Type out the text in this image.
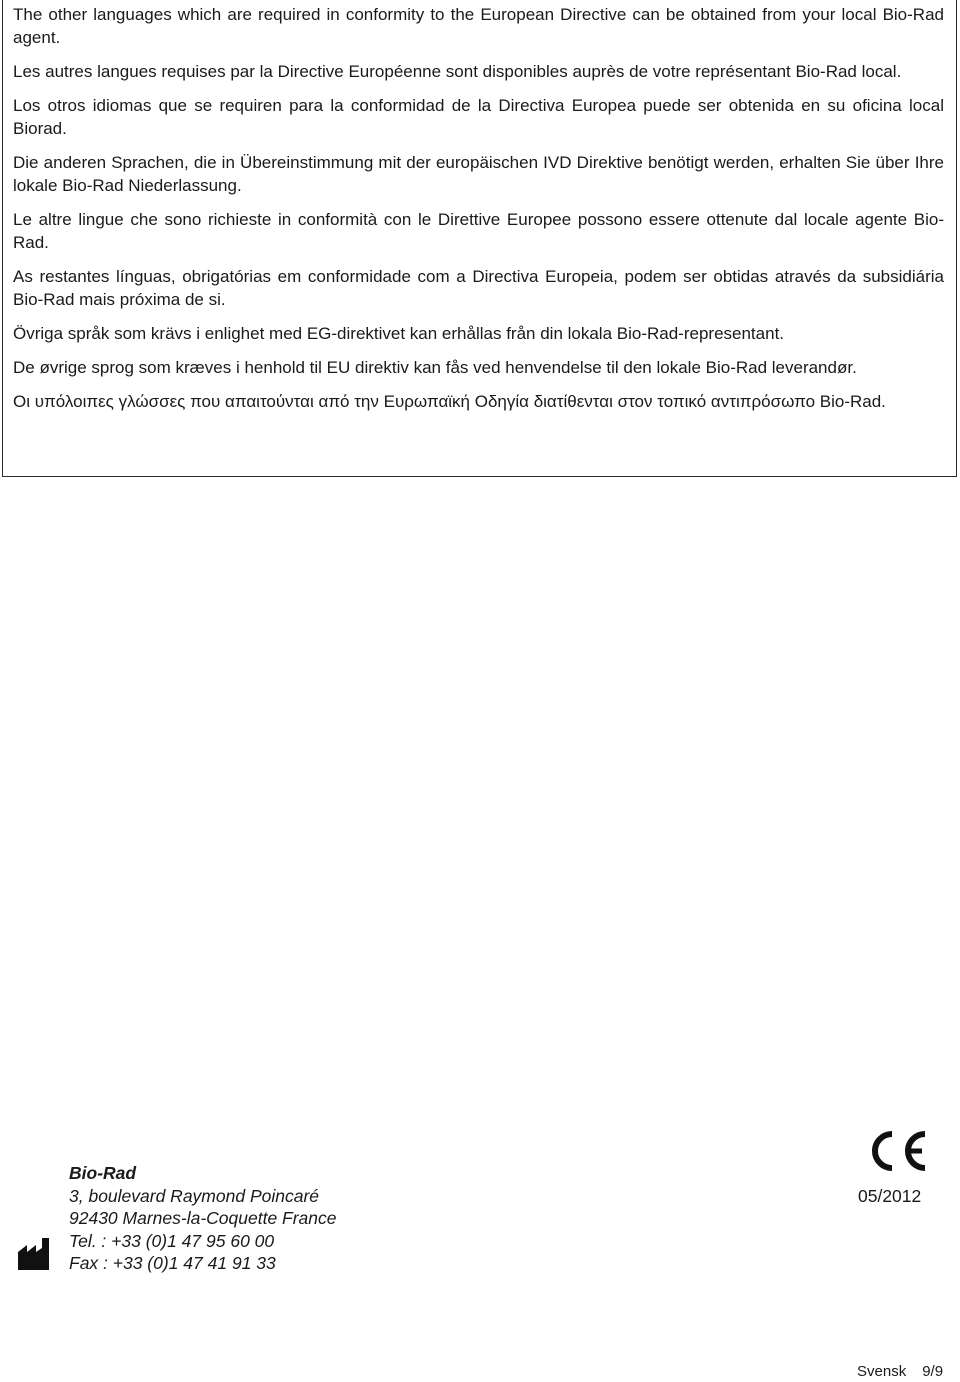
The other languages which are required in conformity to the European Directive can be obtained from your local Bio-Rad agent.

Les autres langues requises par la Directive Européenne sont disponibles auprès de votre représentant Bio-Rad local.

Los otros idiomas que se requiren para la conformidad de la Directiva Europea puede ser obtenida en su oficina local Biorad.

Die anderen Sprachen, die in Übereinstimmung mit der europäischen IVD Direktive benötigt werden, erhalten Sie über Ihre lokale Bio-Rad Niederlassung.

Le altre lingue che sono richieste in conformità con le Direttive Europee possono essere ottenute dal locale agente Bio-Rad.

As restantes línguas, obrigatórias em conformidade com a Directiva Europeia, podem ser obtidas através da subsidiária Bio-Rad mais próxima de si.

Övriga språk som krävs i enlighet med EG-direktivet kan erhållas från din lokala Bio-Rad-representant.

De øvrige sprog som kræves i henhold til EU direktiv kan fås ved henvendelse til den lokale Bio-Rad leverandør.

Οι υπόλοιπες γλώσσες που απαιτούνται από την Ευρωπαϊκή Οδηγία διατίθενται στον τοπικό αντιπρόσωπο Bio-Rad.

Bio-Rad
3, boulevard Raymond Poincaré
92430 Marnes-la-Coquette France
Tel. : +33 (0)1 47 95 60 00
Fax : +33 (0)1 47 41 91 33
05/2012
Svensk 9/9
